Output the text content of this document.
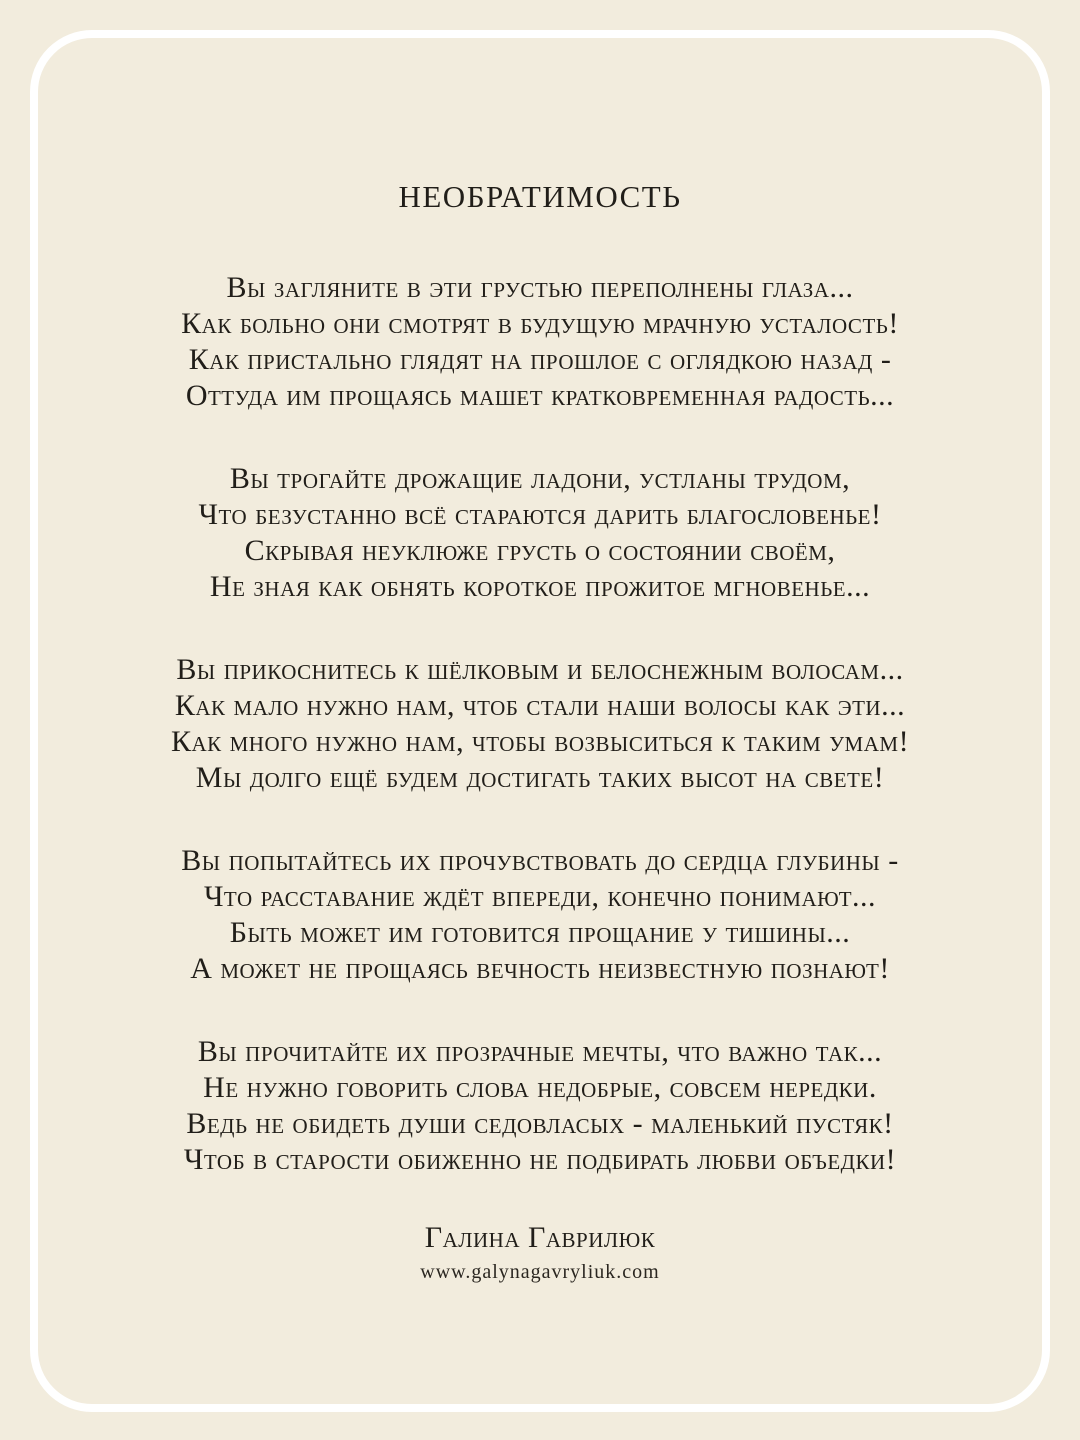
НЕОБРАТИМОСТЬ

Вы загляните в эти грустью переполнены глаза...

Как больно они смотрят в будущую мрачную усталость!

Как пристально глядят на прошлое с оглядкою назад -

Оттуда им прощаясь машет кратковременная радость...

Вы трогайте дрожащие ладони, устланы трудом,

Что безустанно всё стараются дарить благословенье!

Скрывая неуклюже грусть о состоянии своём,

Не зная как обнять короткое прожитое мгновенье...

Вы прикоснитесь к шёлковым и белоснежным волосам...

Как мало нужно нам, чтоб стали наши волосы как эти...

Как много нужно нам, чтобы возвыситься к таким умам!

Мы долго ещё будем достигать таких высот на свете!

Вы попытайтесь их прочувствовать до сердца глубины -

Что расставание ждёт впереди, конечно понимают...

Быть может им готовится прощание у тишины...

А может не прощаясь вечность неизвестную познают!

Вы прочитайте их прозрачные мечты, что важно так...

Не нужно говорить слова недобрые, совсем нередки.

Ведь не обидеть души седовласых - маленький пустяк!

Чтоб в старости обиженно не подбирать любви объедки!

Галина Гаврилюк

www.galynagavryliuk.com
